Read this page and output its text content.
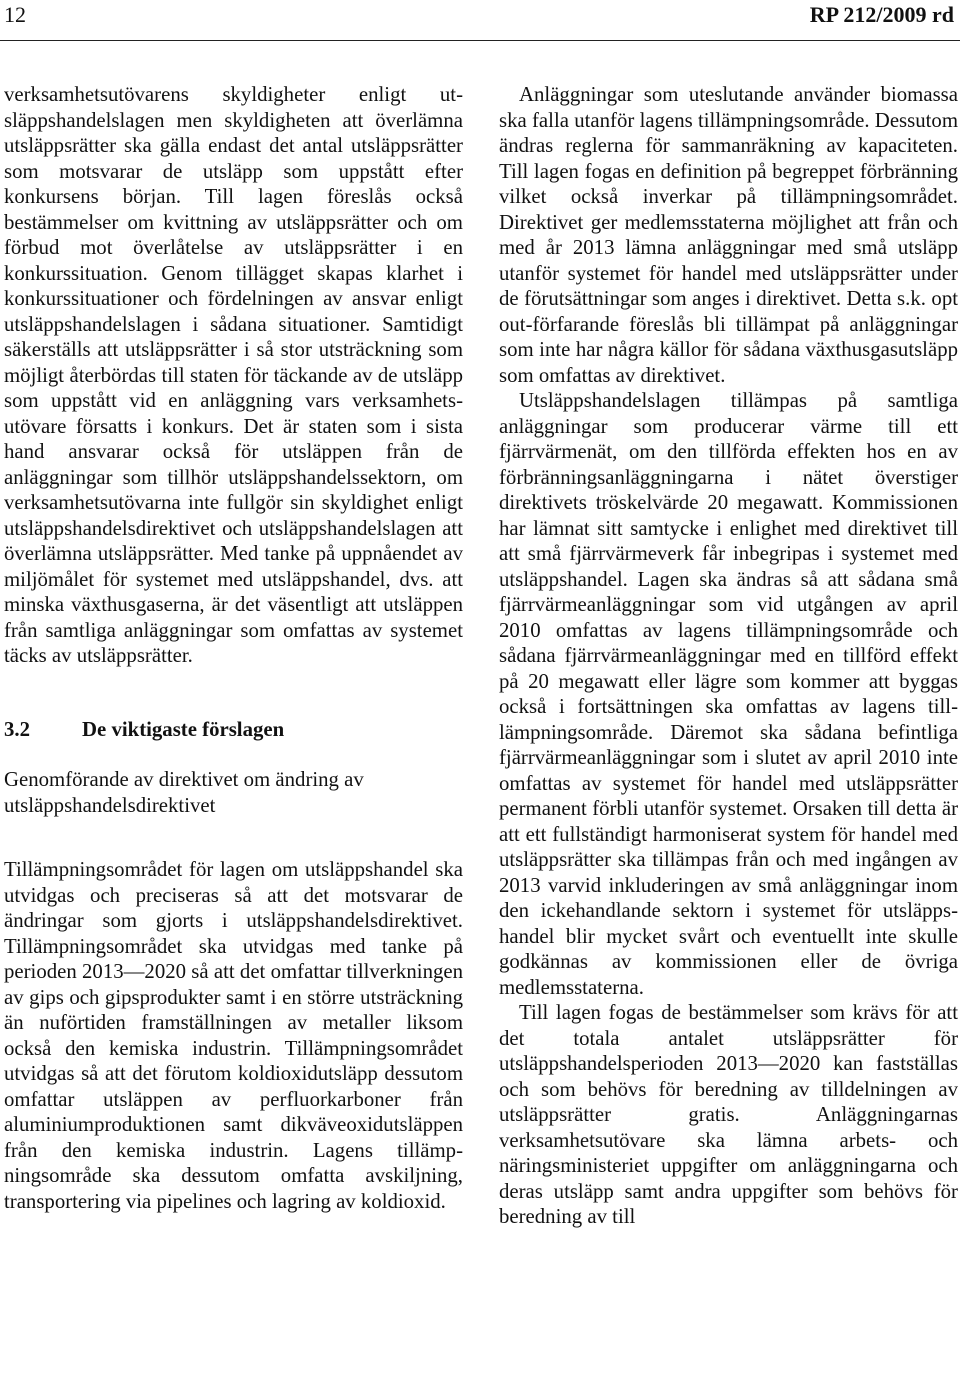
12	RP 212/2009 rd

verksamhetsutövarens skyldigheter enligt utsläppshandelslagen men skyldigheten att överlämna utsläppsrätter ska gälla endast det antal utsläppsrätter som motsvarar de utsläpp som uppstått efter konkursens början. Till lagen föreslås också bestämmelser om kvittning av utsläppsrätter och om förbud mot överlåtelse av utsläppsrätter i en konkurssituation. Genom tillägget skapas klarhet i konkurssituationer och fördelningen av ansvar enligt utsläppshandelslagen i sådana situationer. Samtidigt säkerställs att utsläppsrätter i så stor utsträckning som möjligt återbördas till staten för täckande av de utsläpp som uppstått vid en anläggning vars verksamhetsutövare försatts i konkurs. Det är staten som i sista hand ansvarar också för utsläppen från de anläggningar som tillhör utsläppshandelssektorn, om verksamhetsutövarna inte fullgör sin skyldighet enligt utsläppshandelsdirektivet och utsläppshandelslagen att överlämna utsläppsrätter. Med tanke på uppnåendet av miljömålet för systemet med utsläppshandel, dvs. att minska växthusgaserna, är det väsentligt att utsläppen från samtliga anläggningar som omfattas av systemet täcks av utsläppsrätter.

3.2	De viktigaste förslagen
Genomförande av direktivet om ändring av utsläppshandelsdirektivet

Tillämpningsområdet för lagen om utsläppshandel ska utvidgas och preciseras så att det motsvarar de ändringar som gjorts i utsläppshandelsdirektivet. Tillämpningsområdet ska utvidgas med tanke på perioden 2013—2020 så att det omfattar tillverkningen av gips och gipsprodukter samt i en större utsträckning än nuförtiden framställningen av metaller liksom också den kemiska industrin. Tillämpningsområdet utvidgas så att det förutom koldioxidutsläpp dessutom omfattar utsläppen av perfluorkarboner från aluminiumproduktionen samt dikväveoxidutsläppen från den kemiska industrin. Lagens tillämpningsområde ska dessutom omfatta avskiljning, transportering via pipelines och lagring av koldioxid.

Anläggningar som uteslutande använder biomassa ska falla utanför lagens tillämpningsområde. Dessutom ändras reglerna för sammanräkning av kapaciteten. Till lagen fogas en definition på begreppet förbränning vilket också inverkar på tillämpningsområdet. Direktivet ger medlemsstaterna möjlighet att från och med år 2013 lämna anläggningar med små utsläpp utanför systemet för handel med utsläppsrätter under de förutsättningar som anges i direktivet. Detta s.k. opt out-förfarande föreslås bli tillämpat på anläggningar som inte har några källor för sådana växthusgasutsläpp som omfattas av direktivet.

Utsläppshandelslagen tillämpas på samtliga anläggningar som producerar värme till ett fjärrvärmenät, om den tillförda effekten hos en av förbränningsanläggningarna i nätet överstiger direktivets tröskelvärde 20 megawatt. Kommissionen har lämnat sitt samtycke i enlighet med direktivet till att små fjärrvärmeverk får inbegripas i systemet med utsläppshandel. Lagen ska ändras så att sådana små fjärrvärmeanläggningar som vid utgången av april 2010 omfattas av lagens tillämpningsområde och sådana fjärrvärmeanläggningar med en tillförd effekt på 20 megawatt eller lägre som kommer att byggas också i fortsättningen ska omfattas av lagens tilllämpningsområde. Däremot ska sådana befintliga fjärrvärmeanläggningar som i slutet av april 2010 inte omfattas av systemet för handel med utsläppsrätter permanent förbli utanför systemet. Orsaken till detta är att ett fullständigt harmoniserat system för handel med utsläppsrätter ska tillämpas från och med ingången av 2013 varvid inkluderingen av små anläggningar inom den ickehandlande sektorn i systemet för utsläppshandel blir mycket svårt och eventuellt inte skulle godkännas av kommissionen eller de övriga medlemsstaterna.

Till lagen fogas de bestämmelser som krävs för att det totala antalet utsläppsrätter för utsläppshandelsperioden 2013—2020 kan fastställas och som behövs för beredning av tilldelningen av utsläppsrätter gratis. Anläggningarnas verksamhetsutövare ska lämna arbets- och näringsministeriet uppgifter om anläggningarna och deras utsläpp samt andra uppgifter som behövs för beredning av till
